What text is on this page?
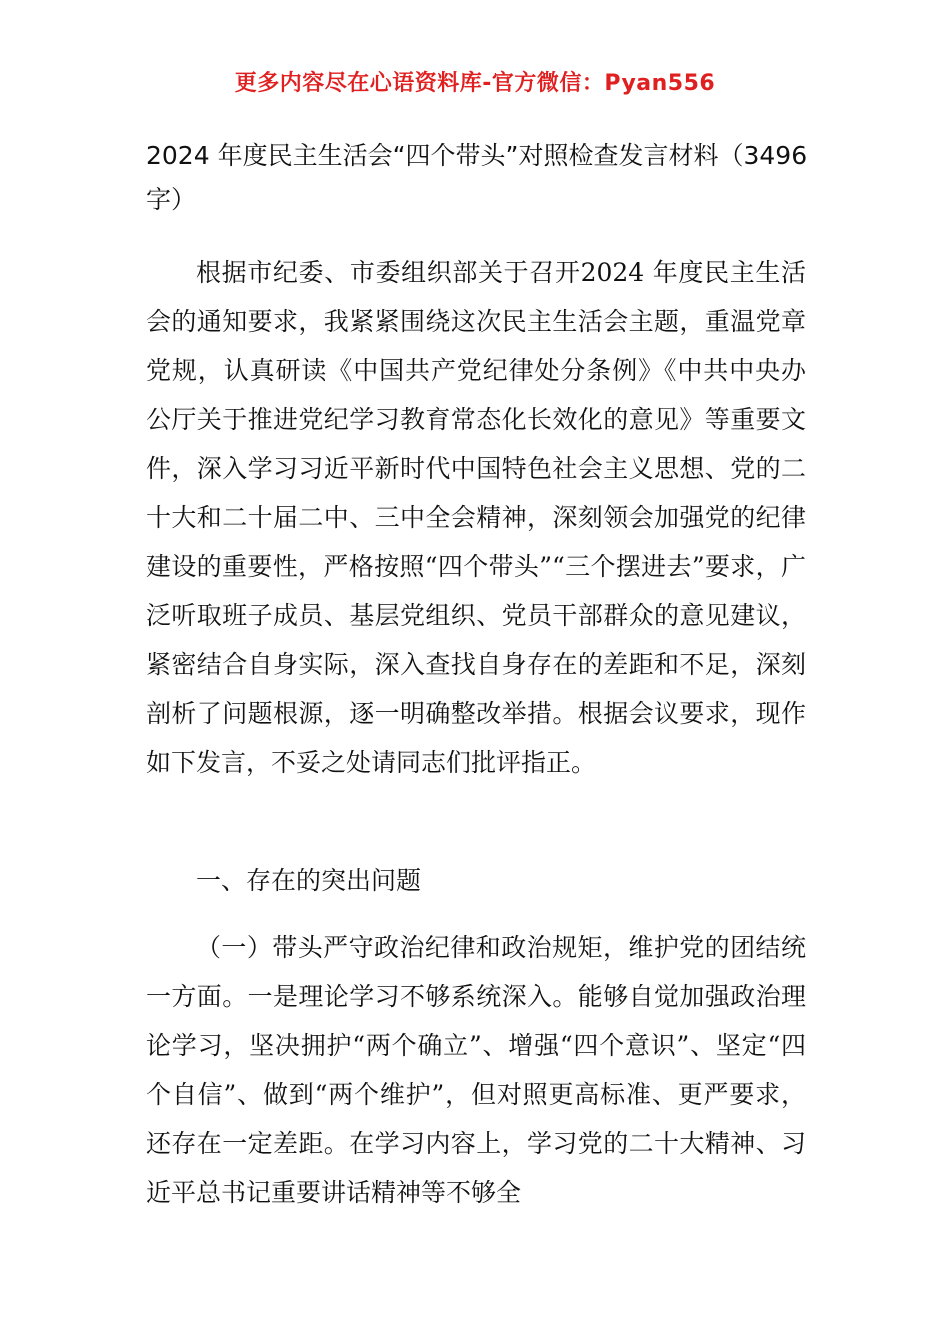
更多内容尽在心语资料库-官方微信：Pyan556
2024 年度民主生活会“四个带头”对照检查发言材料（3496 字）
根据市纪委、市委组织部关于召开2024 年度民主生活会的通知要求，我紧紧围绕这次民主生活会主题，重温党章党规，认真研读《中国共产党纪律处分条例》《中共中央办公厅关于推进党纪学习教育常态化长效化的意见》等重要文件，深入学习习近平新时代中国特色社会主义思想、党的二十大和二十届二中、三中全会精神，深刻领会加强党的纪律建设的重要性，严格按照“四个带头”“三个摆进去”要求，广泛听取班子成员、基层党组织、党员干部群众的意见建议，紧密结合自身实际，深入查找自身存在的差距和不足，深刻剖析了问题根源，逐一明确整改举措。根据会议要求，现作如下发言，不妥之处请同志们批评指正。
一、存在的突出问题
（一）带头严守政治纪律和政治规矩，维护党的团结统一方面。一是理论学习不够系统深入。能够自觉加强政治理论学习，坚决拥护“两个确立”、增强“四个意识”、坚定“四个自信”、做到“两个维护”，但对照更高标准、更严要求，还存在一定差距。在学习内容上，学习党的二十大精神、习近平总书记重要讲话精神等不够全
